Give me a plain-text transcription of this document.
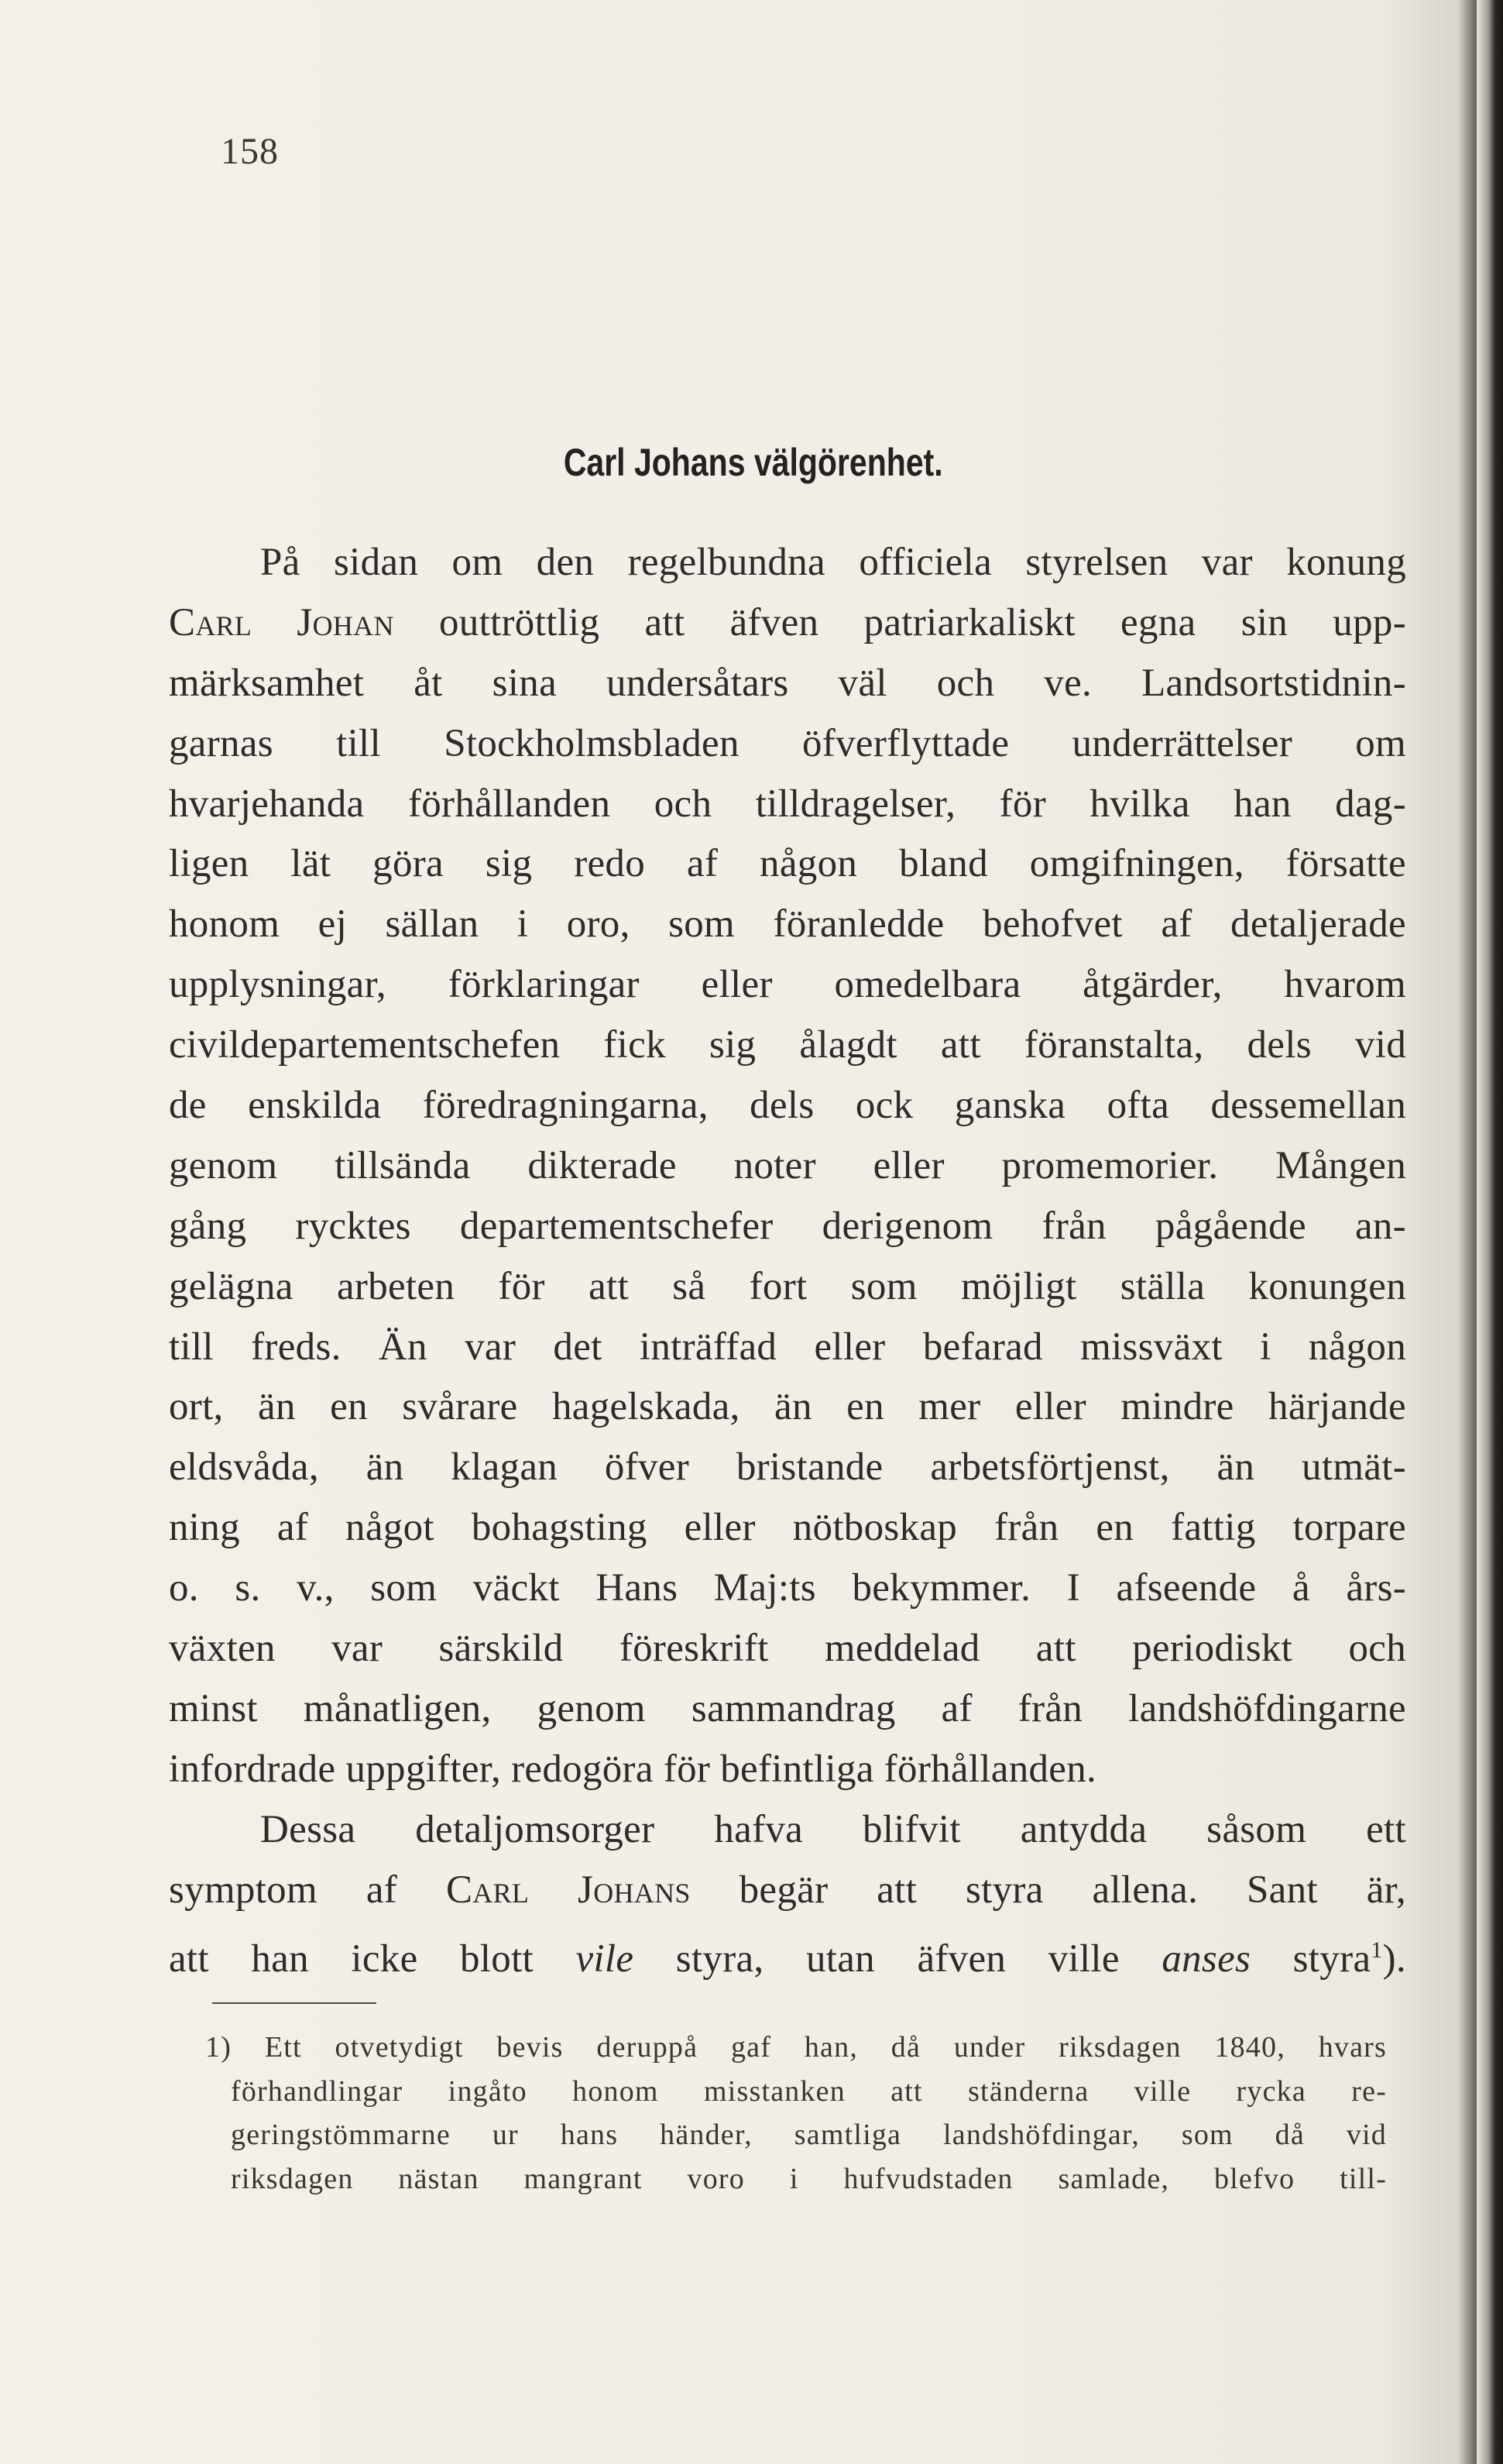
158
Carl Johans välgörenhet.
På sidan om den regelbundna officiela styrelsen var konung
Carl Johan outtröttlig att äfven patriarkaliskt egna sin upp-
märksamhet åt sina undersåtars väl och ve. Landsortstidnin-
garnas till Stockholmsbladen öfverflyttade underrättelser om
hvarjehanda förhållanden och tilldragelser, för hvilka han dag-
ligen lät göra sig redo af någon bland omgifningen, försatte
honom ej sällan i oro, som föranledde behofvet af detaljerade
upplysningar, förklaringar eller omedelbara åtgärder, hvarom
civildepartementschefen fick sig ålagdt att föranstalta, dels vid
de enskilda föredragningarna, dels ock ganska ofta dessemellan
genom tillsända dikterade noter eller promemorier. Mången
gång rycktes departementschefer derigenom från pågående an-
gelägna arbeten för att så fort som möjligt ställa konungen
till freds. Än var det inträffad eller befarad missväxt i någon
ort, än en svårare hagelskada, än en mer eller mindre härjande
eldsvåda, än klagan öfver bristande arbetsförtjenst, än utmät-
ning af något bohagsting eller nötboskap från en fattig torpare
o. s. v., som väckt Hans Maj:ts bekymmer. I afseende å års-
växten var särskild föreskrift meddelad att periodiskt och
minst månatligen, genom sammandrag af från landshöfdingarne
infordrade uppgifter, redogöra för befintliga förhållanden.
Dessa detaljomsorger hafva blifvit antydda såsom ett
symptom af Carl Johans begär att styra allena. Sant är,
att han icke blott vile styra, utan äfven ville anses styra$^1$).
1) Ett otvetydigt bevis deruppå gaf han, då under riksdagen 1840, hvars
förhandlingar ingåto honom misstanken att ständerna ville rycka re-
geringstömmarne ur hans händer, samtliga landshöfdingar, som då vid
riksdagen nästan mangrant voro i hufvudstaden samlade, blefvo till-
